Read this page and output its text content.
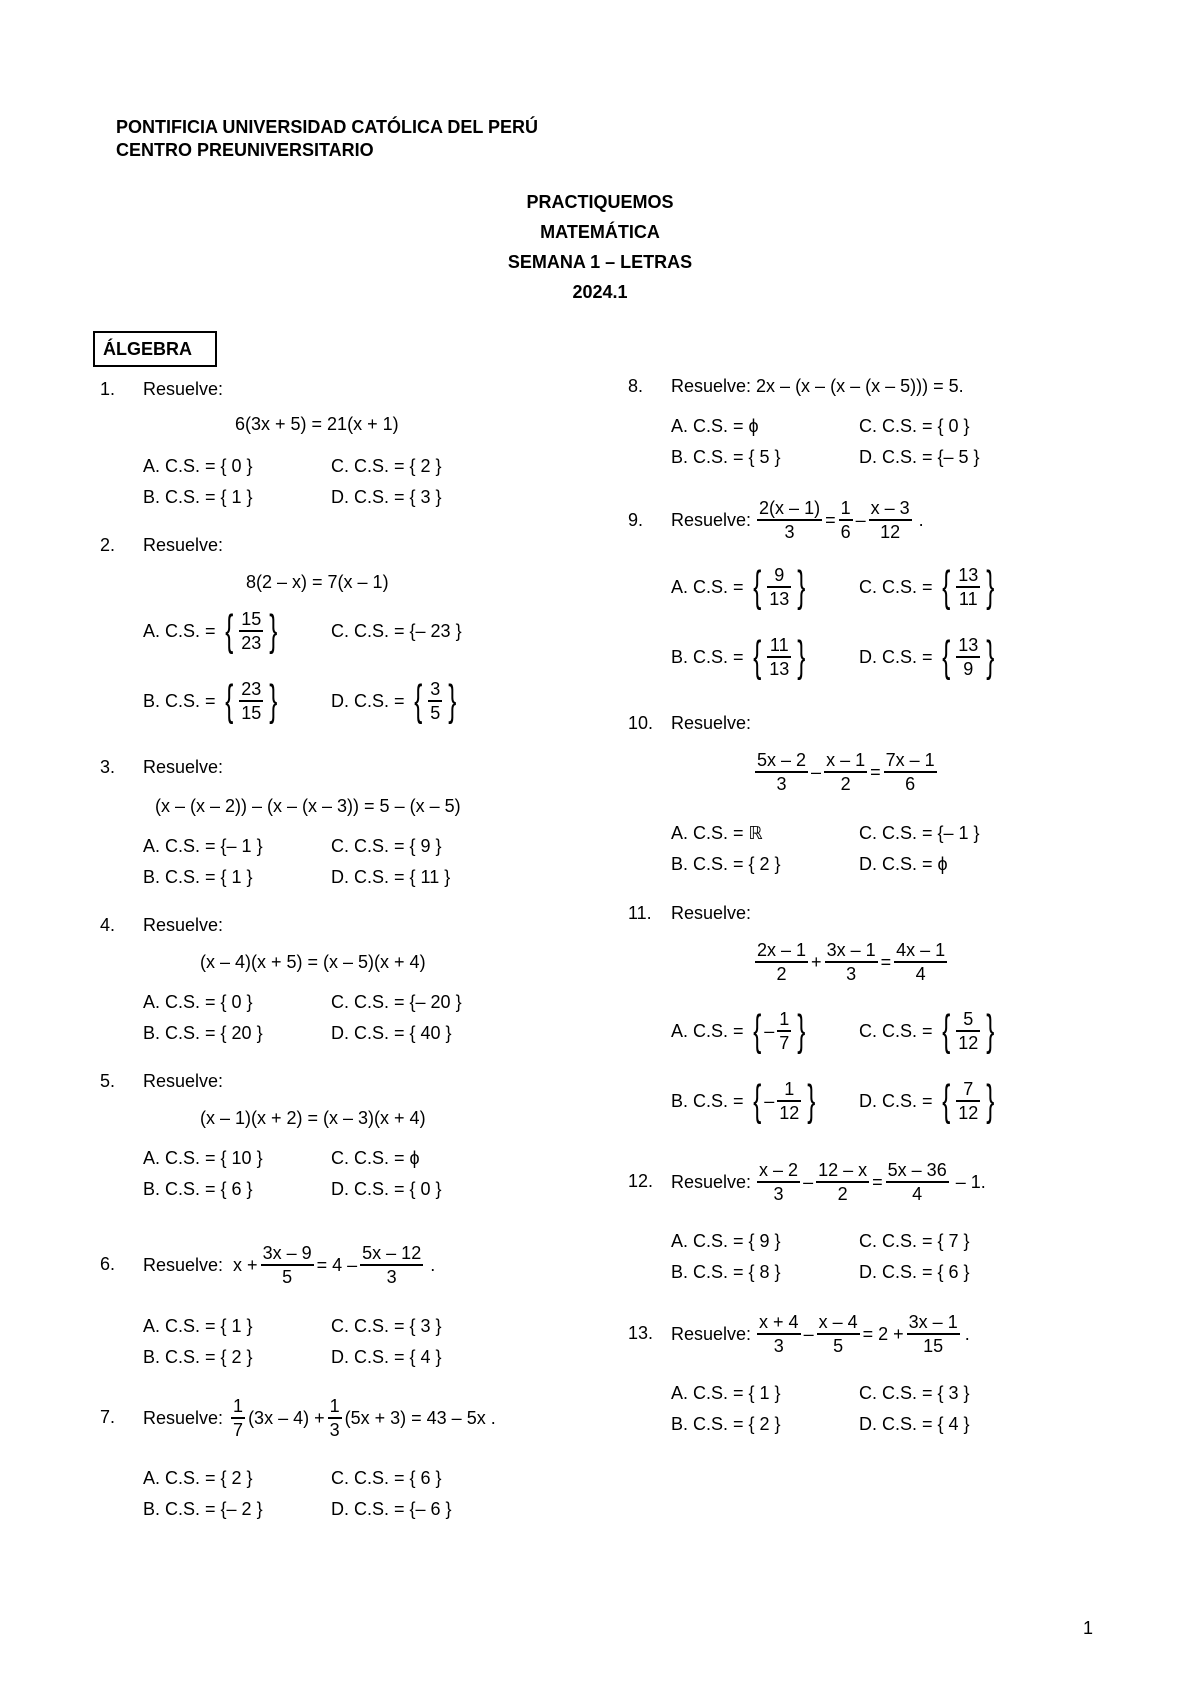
PONTIFICIA UNIVERSIDAD CATÓLICA DEL PERÚ
CENTRO PREUNIVERSITARIO
PRACTIQUEMOS
MATEMÁTICA
SEMANA 1 – LETRAS
2024.1
ÁLGEBRA
1. Resuelve:
6(3x + 5) = 21(x + 1)
A. C.S. = { 0 }
B. C.S. = { 1 }
C. C.S. = { 2 }
D. C.S. = { 3 }
2. Resuelve:
8(2 – x) = 7(x – 1)
A. C.S. = { $\frac{15}{23}$ }	C. C.S. = {– 23 }
B. C.S. = { $\frac{23}{15}$ }	D. C.S. = { $\frac{3}{5}$ }
3. Resuelve:
(x – (x – 2)) – (x – (x – 3)) = 5 – (x – 5)
A. C.S. = {– 1 }
B. C.S. = { 1 }
C. C.S. = { 9 }
D. C.S. = { 11 }
4. Resuelve:
(x – 4)(x + 5) = (x – 5)(x + 4)
A. C.S. = { 0 }
B. C.S. = { 20 }
C. C.S. = {– 20 }
D. C.S. = { 40 }
5. Resuelve:
(x – 1)(x + 2) = (x – 3)(x + 4)
A. C.S. = { 10 }
B. C.S. = { 6 }
C. C.S. = ϕ
D. C.S. = { 0 }
6. Resuelve: $x + \frac{3x - 9}{5} = 4 - \frac{5x - 12}{3}$ .
A. C.S. = { 1 }
B. C.S. = { 2 }
C. C.S. = { 3 }
D. C.S. = { 4 }
7. Resuelve: $\frac{1}{7} (3x - 4) + \frac{1}{3} (5x + 3) = 43 - 5x$ .
A. C.S. = { 2 }
B. C.S. = {– 2 }
C. C.S. = { 6 }
D. C.S. = {– 6 }
8. Resuelve: 2x – (x – (x – (x – 5))) = 5.
A. C.S. = ϕ
B. C.S. = { 5 }
C. C.S. = { 0 }
D. C.S. = {– 5 }
9. Resuelve: $\frac{2(x - 1)}{3} = \frac{1}{6} - \frac{x - 3}{12}$ .
A. C.S. = { $\frac{9}{13}$ }	C. C.S. = { $\frac{13}{11}$ }
B. C.S. = { $\frac{11}{13}$ }	D. C.S. = { $\frac{13}{9}$ }
10. Resuelve:
$\frac{5x - 2}{3} - \frac{x - 1}{2} = \frac{7x - 1}{6}$
A. C.S. = ℝ
B. C.S. = { 2 }
C. C.S. = {– 1 }
D. C.S. = ϕ
11. Resuelve:
$\frac{2x - 1}{2} + \frac{3x - 1}{3} = \frac{4x - 1}{4}$
A. C.S. = { – $\frac{1}{7}$ }	C. C.S. = { $\frac{5}{12}$ }
B. C.S. = { – $\frac{1}{12}$ } D. C.S. = { $\frac{7}{12}$ }
12. Resuelve: $\frac{x - 2}{3} - \frac{12 - x}{2} = \frac{5x - 36}{4} - 1$.
A. C.S. = { 9 }
B. C.S. = { 8 }
C. C.S. = { 7 }
D. C.S. = { 6 }
13. Resuelve: $\frac{x + 4}{3} - \frac{x - 4}{5} = 2 + \frac{3x - 1}{15}$ .
A. C.S. = { 1 }
B. C.S. = { 2 }
C. C.S. = { 3 }
D. C.S. = { 4 }
1
